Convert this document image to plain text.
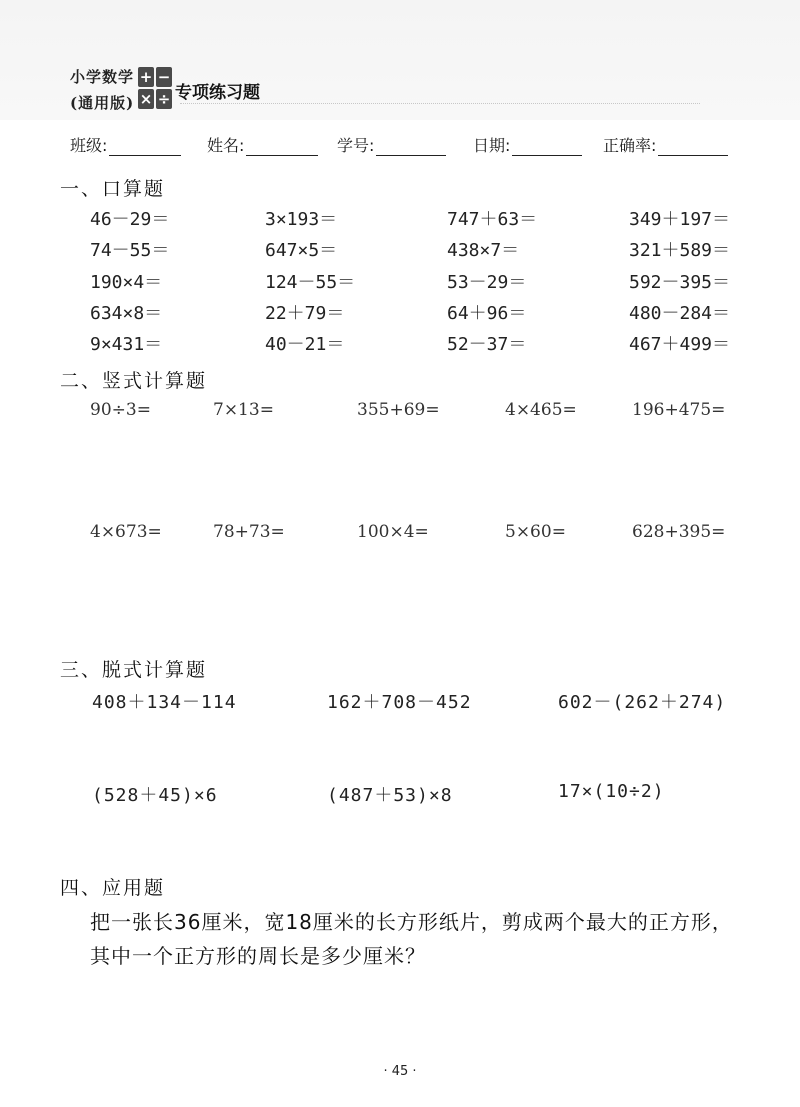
小学数学
(通用版)
+ −
× ÷ 专项练习题
班级:	姓名:	学号:	日期:	正确率:
一、口算题
46－29＝	3×193＝	747＋63＝	349＋197＝
74－55＝	647×5＝	438×7＝	321＋589＝
190×4＝	124－55＝	53－29＝	592－395＝
634×8＝	22＋79＝	64＋96＝	480－284＝
9×431＝	40－21＝	52－37＝	467＋499＝
二、竖式计算题
90÷3=	7×13=	355+69=	4×465=	196+475=
4×673=	78+73=	100×4=	5×60=	628+395=
三、脱式计算题
408＋134－114	162＋708－452	602－(262＋274)
(528＋45)×6	(487＋53)×8	17×(10÷2)
四、应用题
把一张长36厘米，宽18厘米的长方形纸片，剪成两个最大的正方形，
其中一个正方形的周长是多少厘米？
· 45 ·
